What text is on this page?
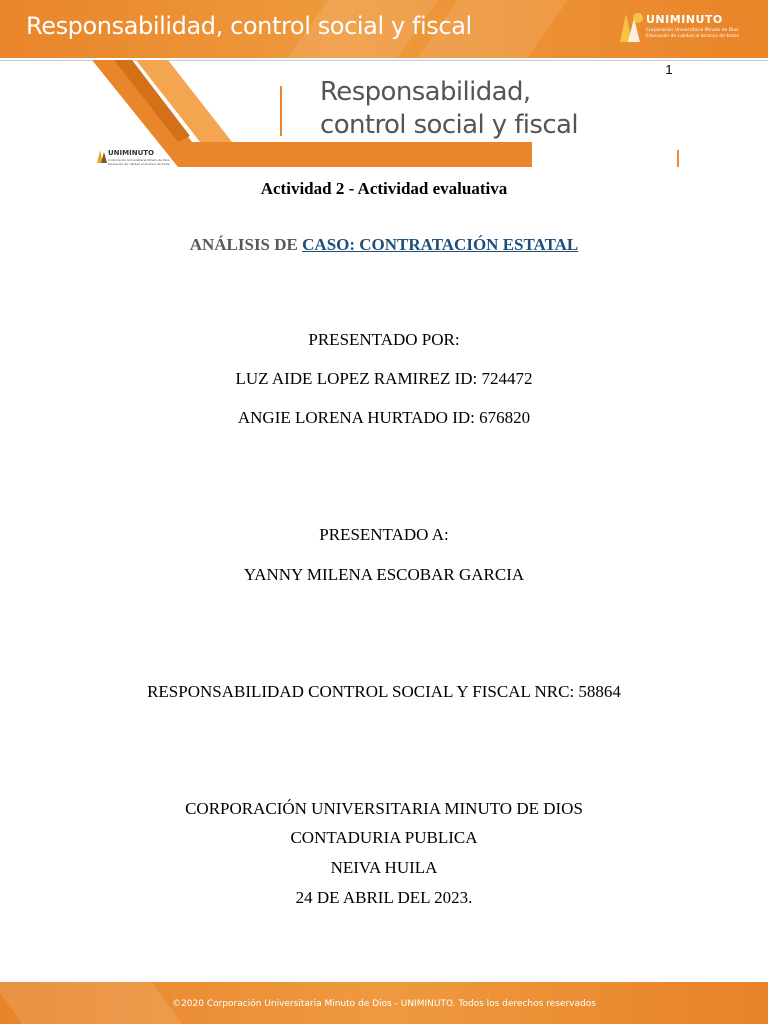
Responsabilidad, control social y fiscal	UNIMINUTO
Corporación Universitaria Minuto de Dios
Educación de calidad al alcance de todos
1
Responsabilidad,
control social y fiscal
UNIMINUTO
Corporación Universitaria Minuto de Dios
Educación de calidad al alcance de todos
Actividad 2 - Actividad evaluativa
ANÁLISIS DE CASO: CONTRATACIÓN ESTATAL
PRESENTADO POR:
LUZ AIDE LOPEZ RAMIREZ ID: 724472
ANGIE LORENA HURTADO ID: 676820
PRESENTADO A:
YANNY MILENA ESCOBAR GARCIA
RESPONSABILIDAD CONTROL SOCIAL Y FISCAL NRC: 58864
CORPORACIÓN UNIVERSITARIA MINUTO DE DIOS
CONTADURIA PUBLICA
NEIVA HUILA
24 DE ABRIL DEL 2023.
©2020 Corporación Universitaria Minuto de Dios - UNIMINUTO. Todos los derechos reservados
